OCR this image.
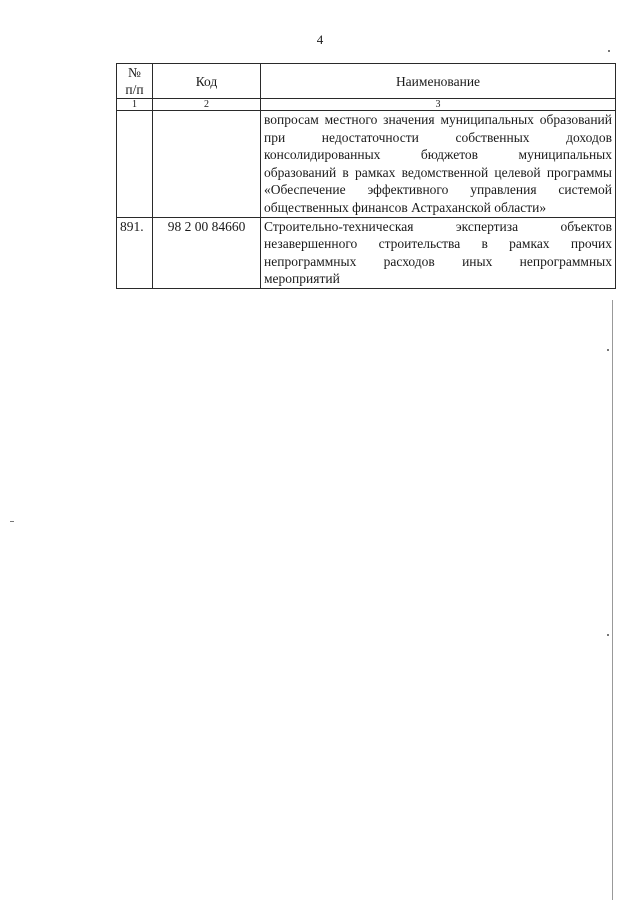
4
№
п/п	Код	Наименование
1	2	3
		вопросам местного значения муниципальных образований при недостаточности собственных доходов консолидированных бюджетов муниципальных образований в рамках ведомственной целевой программы «Обеспечение эффективного управления системой общественных финансов Астраханской области»
891.	98 2 00 84660	Строительно-техническая экспертиза объектов незавершенного строительства в рамках прочих непрограммных расходов иных непрограммных мероприятий
